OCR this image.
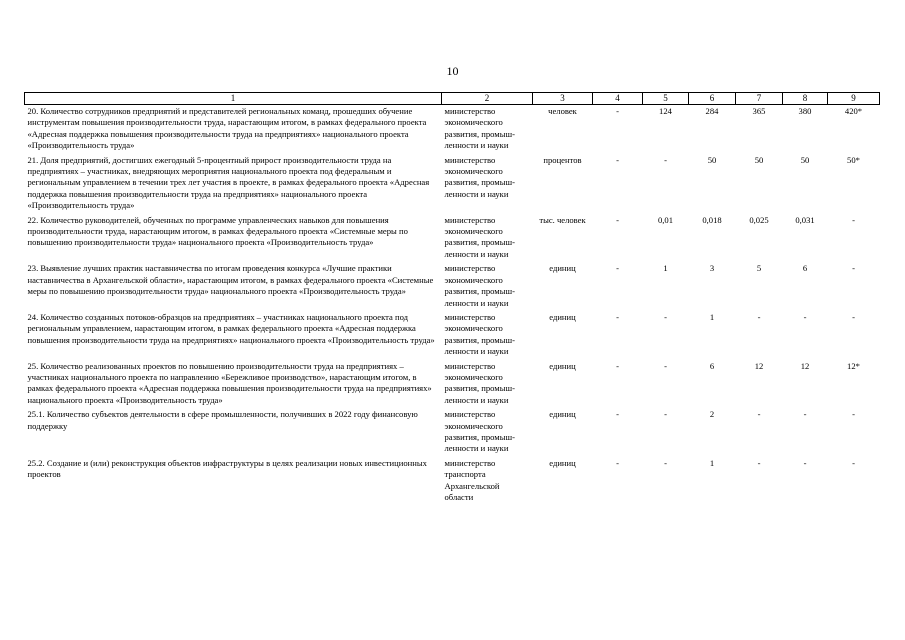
10
1	2	3	4	5	6	7	8	9
20. Количество сотрудников предприятий и представителей региональных команд, прошедших обучение инструментам повышения производительности труда, нарастающим итогом, в рамках федерального проекта «Адресная поддержка повышения производительности труда на предприятиях» национального проекта «Производительность труда»	министерство экономического развития, промыш-ленности и науки	человек	-	124	284	365	380	420*
21. Доля предприятий, достигших ежегодный 5-процентный прирост производительности труда на предприятиях – участниках, внедряющих мероприятия национального проекта под федеральным и региональным управлением в течении трех лет участия в проекте, в рамках федерального проекта «Адресная поддержка повышения производительности труда на предприятиях» национального проекта «Производительность труда»	министерство экономического развития, промыш-ленности и науки	процентов	-	-	50	50	50	50*
22. Количество руководителей, обученных по программе управленческих навыков для повышения производительности труда, нарастающим итогом, в рамках федерального проекта «Системные меры по повышению производительности труда» национального проекта «Производительность труда»	министерство экономического развития, промыш-ленности и науки	тыс. человек	-	0,01	0,018	0,025	0,031	-
23. Выявление лучших практик наставничества по итогам проведения конкурса «Лучшие практики наставничества в Архангельской области», нарастающим итогом, в рамках федерального проекта «Системные меры по повышению производительности труда» национального проекта «Производительность труда»	министерство экономического развития, промыш-ленности и науки	единиц	-	1	3	5	6	-
24. Количество созданных потоков-образцов на предприятиях – участниках национального проекта под региональным управлением, нарастающим итогом, в рамках федерального проекта «Адресная поддержка повышения производительности труда на предприятиях» национального проекта «Производительность труда»	министерство экономического развития, промыш-ленности и науки	единиц	-	-	1	-	-	-
25. Количество реализованных проектов по повышению производительности труда на предприятиях – участниках национального проекта по направлению «Бережливое производство», нарастающим итогом, в рамках федерального проекта «Адресная поддержка повышения производительности труда на предприятиях» национального проекта «Производительность труда»	министерство экономического развития, промыш-ленности и науки	единиц	-	-	6	12	12	12*
25.1. Количество субъектов деятельности в сфере промышленности, получивших в 2022 году финансовую поддержку	министерство экономического развития, промыш-ленности и науки	единиц	-	-	2	-	-	-
25.2. Создание и (или) реконструкция объектов инфраструктуры в целях реализации новых инвестиционных проектов	министерство транспорта Архангельской области	единиц	-	-	1	-	-	-
